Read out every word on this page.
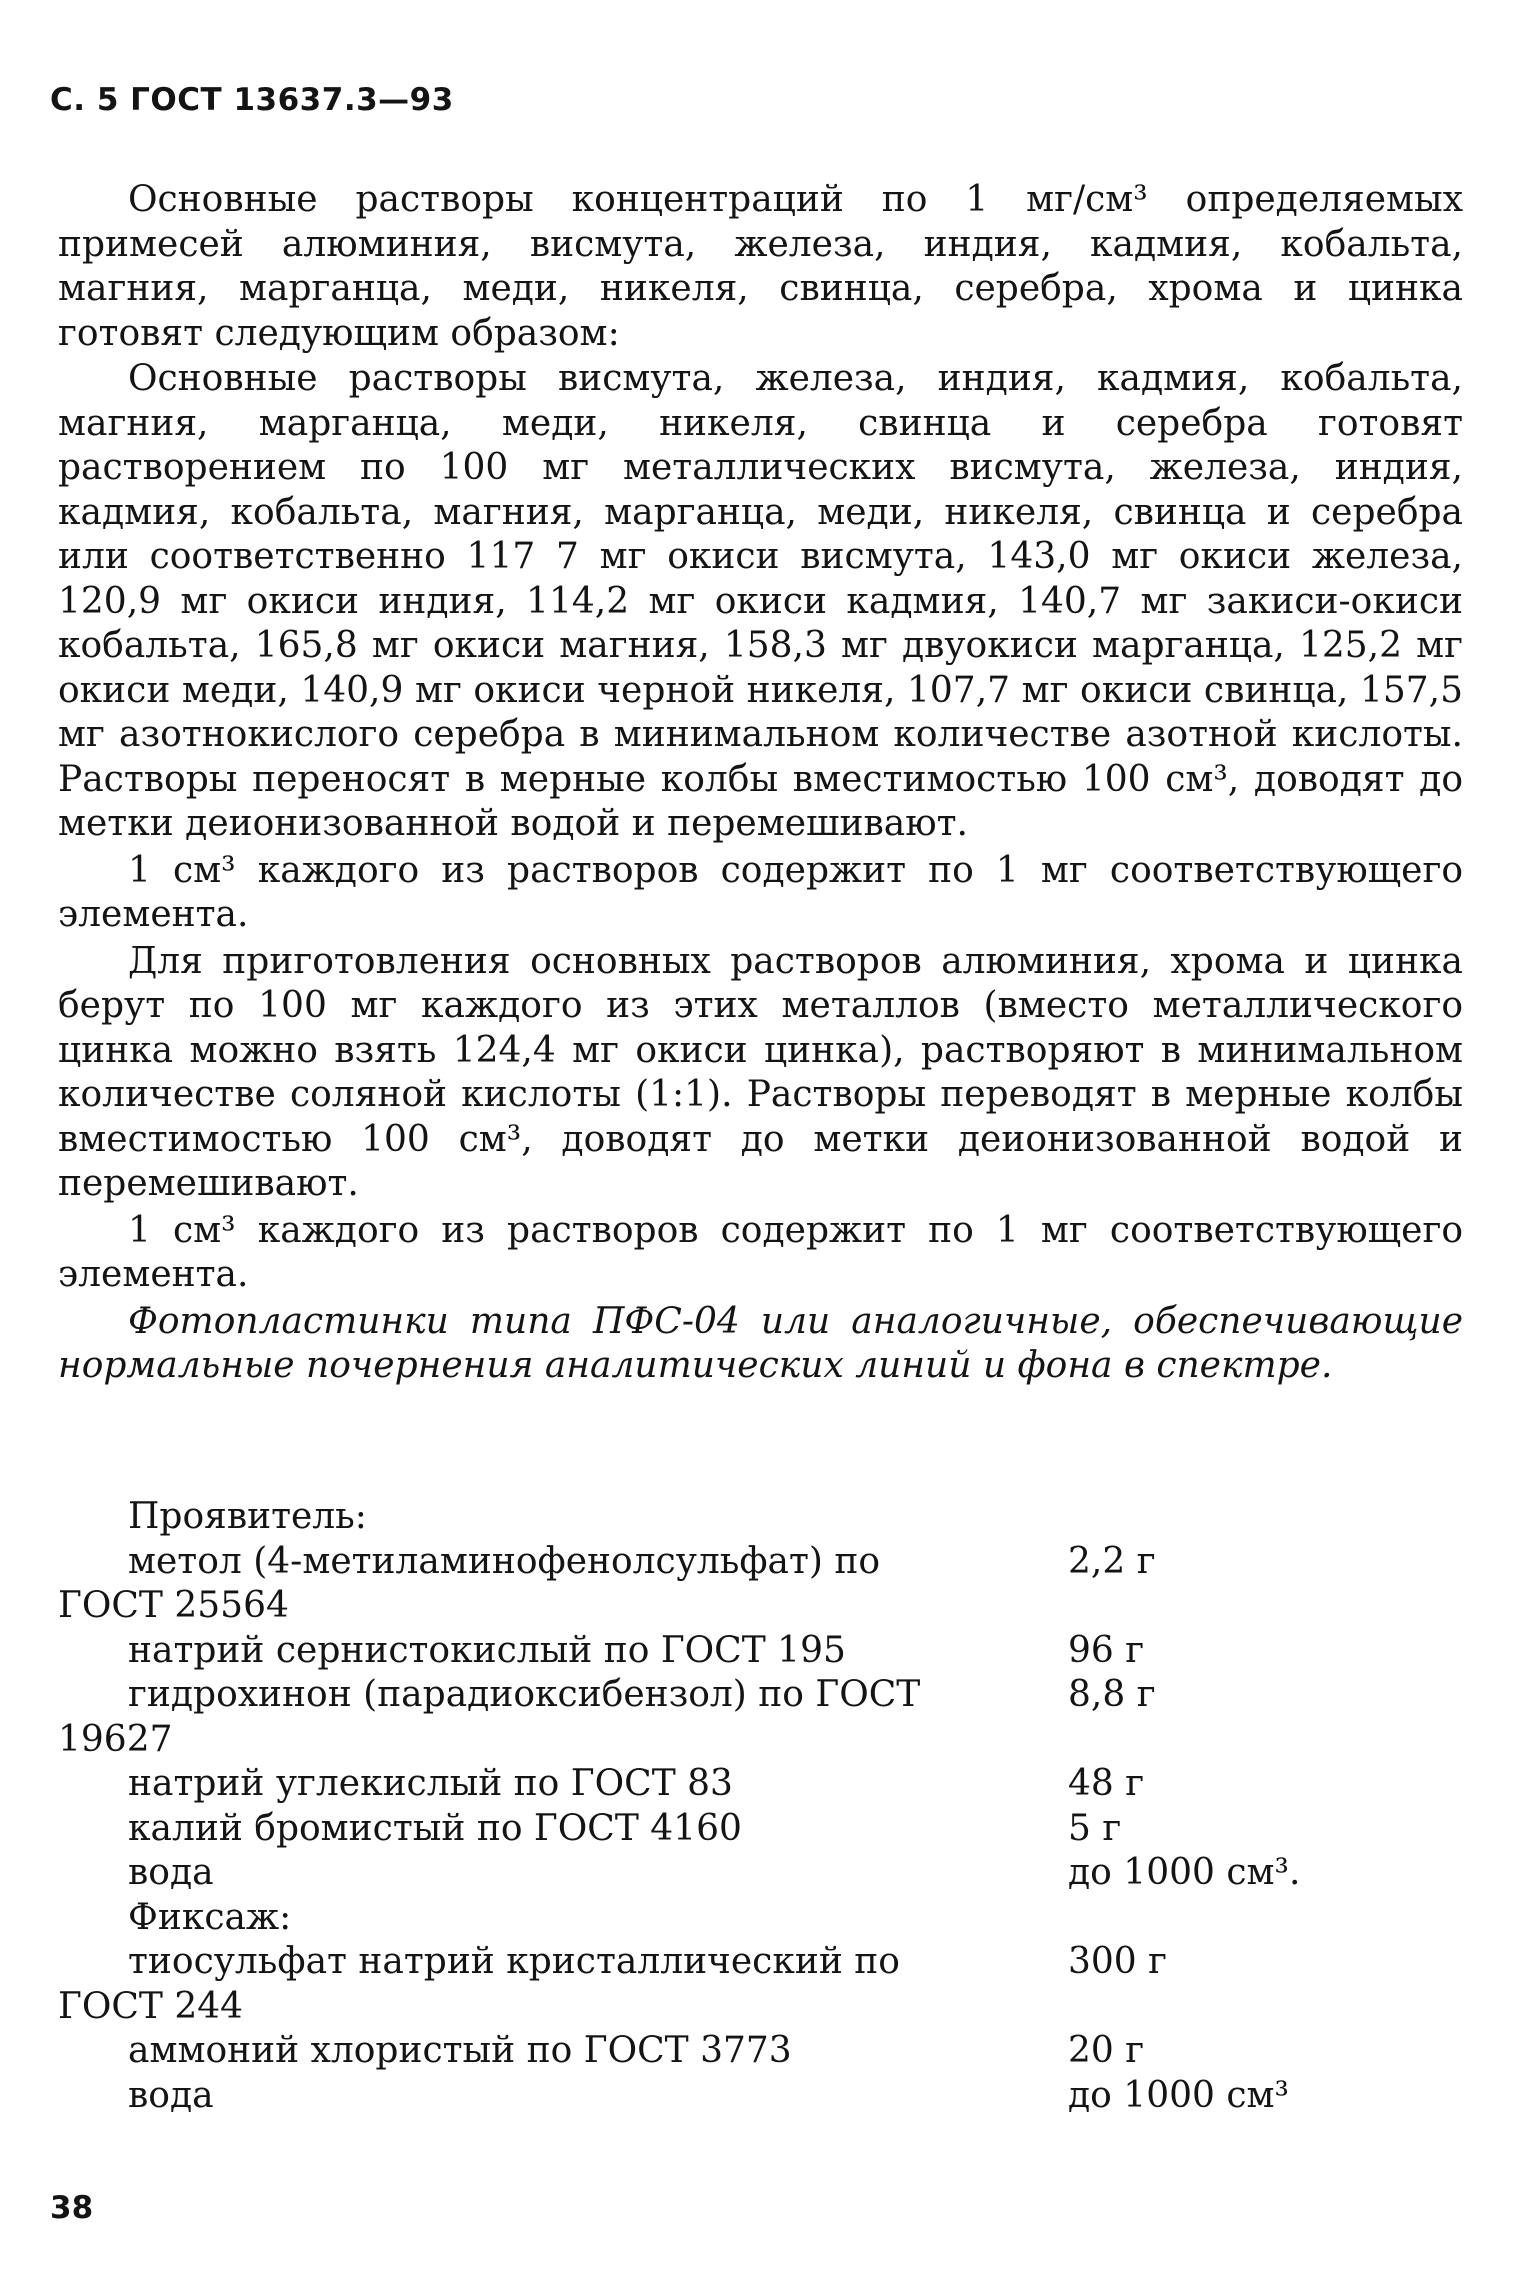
С. 5 ГОСТ 13637.3—93

Основные растворы концентраций по 1 мг/см³ определяемых примесей алюминия, висмута, железа, индия, кадмия, кобальта, магния, марганца, меди, никеля, свинца, серебра, хрома и цинка готовят следующим образом:

Основные растворы висмута, железа, индия, кадмия, кобальта, магния, марганца, меди, никеля, свинца и серебра готовят растворением по 100 мг металлических висмута, железа, индия, кадмия, кобальта, магния, марганца, меди, никеля, свинца и серебра или соответственно 117 7 мг окиси висмута, 143,0 мг окиси железа, 120,9 мг окиси индия, 114,2 мг окиси кадмия, 140,7 мг закиси-окиси кобальта, 165,8 мг окиси магния, 158,3 мг двуокиси марганца, 125,2 мг окиси меди, 140,9 мг окиси черной никеля, 107,7 мг окиси свинца, 157,5 мг азотнокислого серебра в минимальном количестве азотной кислоты. Растворы переносят в мерные колбы вместимостью 100 см³, доводят до метки деионизованной водой и перемешивают.

1 см³ каждого из растворов содержит по 1 мг соответствующего элемента.

Для приготовления основных растворов алюминия, хрома и цинка берут по 100 мг каждого из этих металлов (вместо металлического цинка можно взять 124,4 мг окиси цинка), растворяют в минимальном количестве соляной кислоты (1:1). Растворы переводят в мерные колбы вместимостью 100 см³, доводят до метки деионизованной водой и перемешивают.

1 см³ каждого из растворов содержит по 1 мг соответствующего элемента.

Фотопластинки типа ПФС-04 или аналогичные, обеспечивающие нормальные почернения аналитических линий и фона в спектре.

Проявитель:
метол (4-метиламинофенолсульфат) по	2,2 г
ГОСТ 25564
натрий сернистокислый по ГОСТ 195	96 г
гидрохинон (парадиоксибензол) по ГОСТ	8,8 г
19627
натрий углекислый по ГОСТ 83	48 г
калий бромистый по ГОСТ 4160	5 г
вода	до 1000 см³.
Фиксаж:
тиосульфат натрий кристаллический по	300 г
ГОСТ 244
аммоний хлористый по ГОСТ 3773	20 г
вода	до 1000 см³
38
